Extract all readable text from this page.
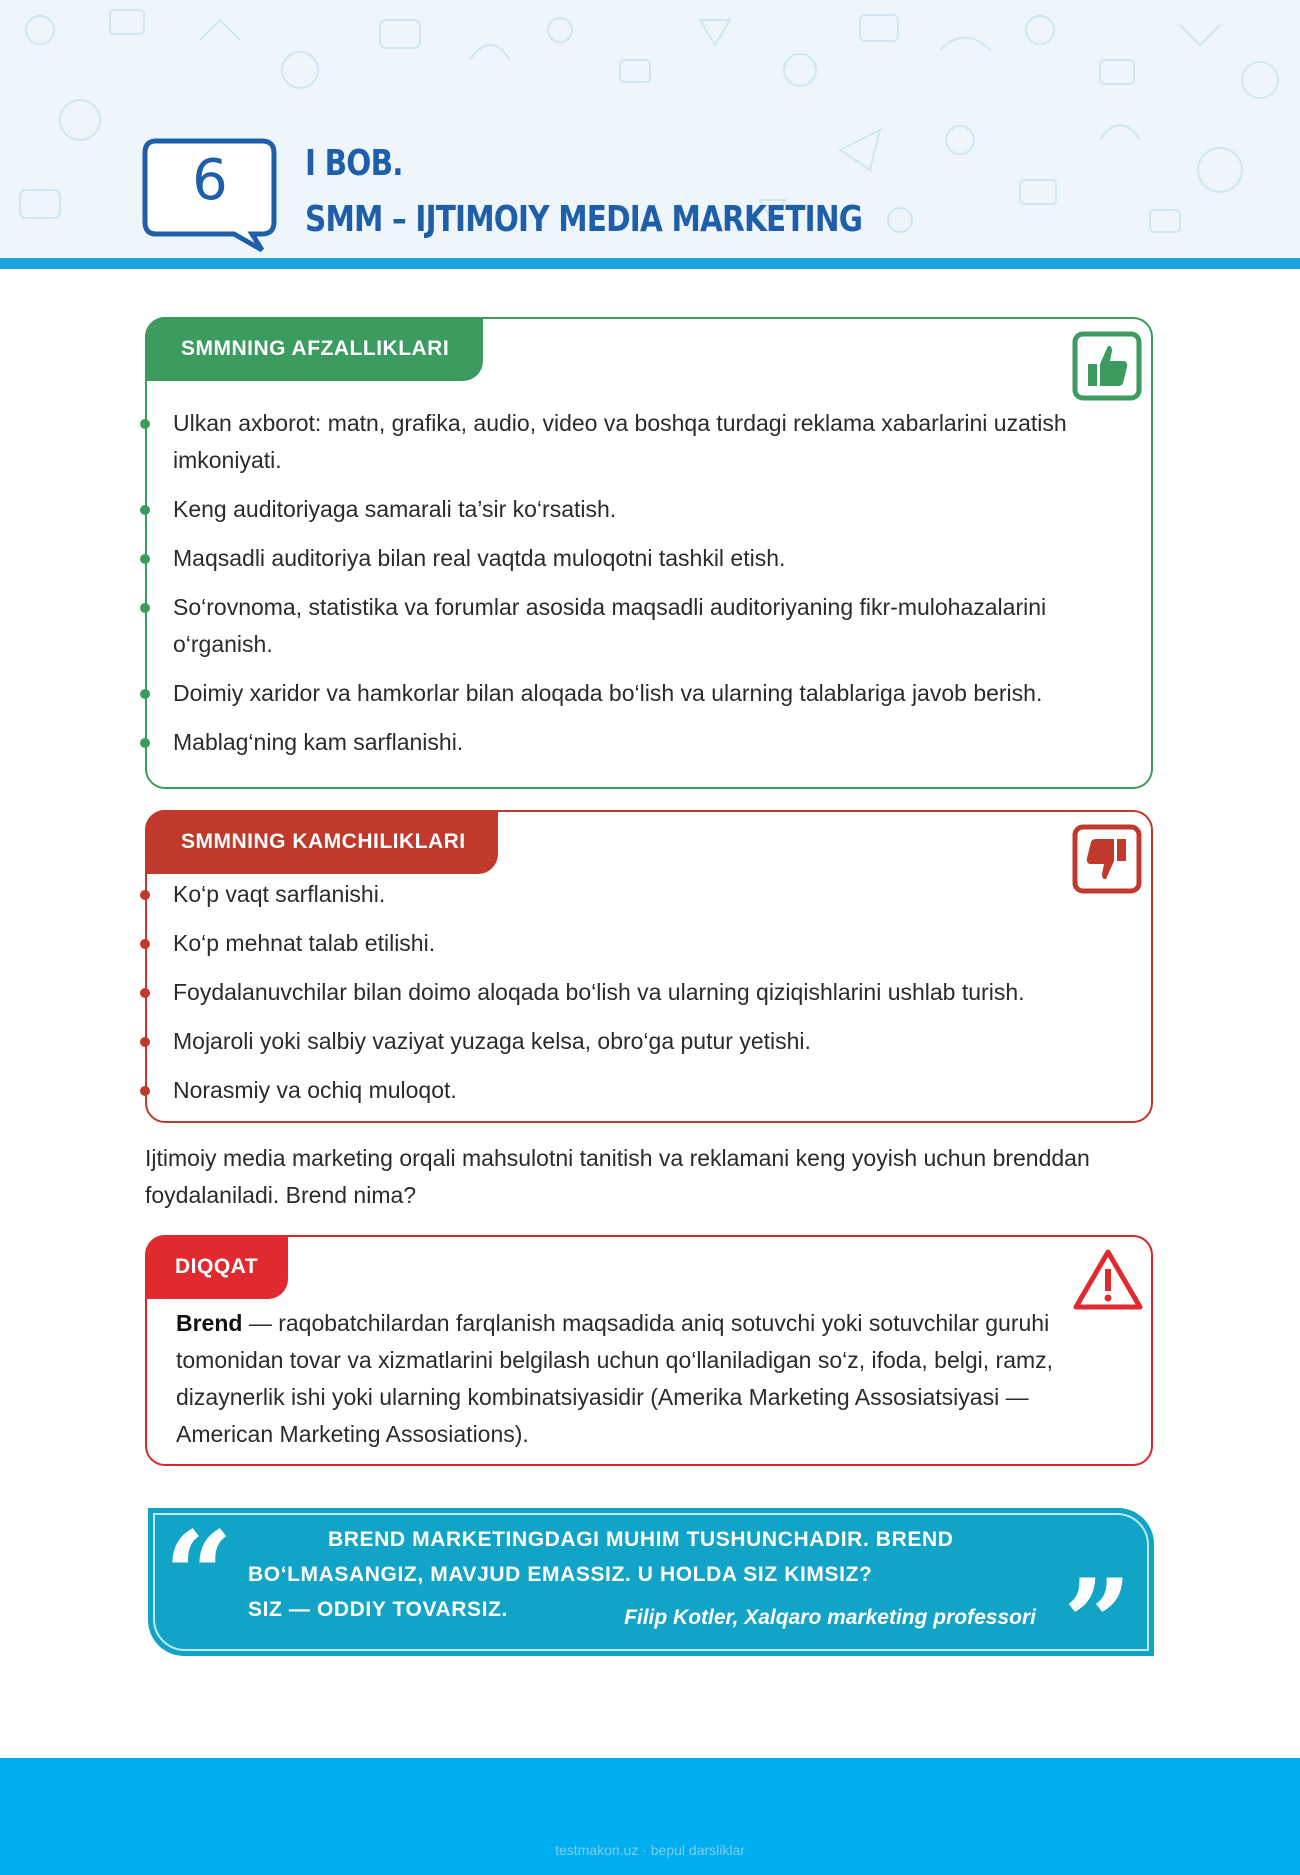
6	I BOB.
SMM – IJTIMOIY MEDIA MARKETING
SMMNING AFZALLIKLARI
Ulkan axborot: matn, grafika, audio, video va boshqa turdagi reklama xabarlarini uzatish imkoniyati.
Keng auditoriyaga samarali ta’sir ko‘rsatish.
Maqsadli auditoriya bilan real vaqtda muloqotni tashkil etish.
So‘rovnoma, statistika va forumlar asosida maqsadli auditoriyaning fikr-mulohazalarini o‘rganish.
Doimiy xaridor va hamkorlar bilan aloqada bo‘lish va ularning talablariga javob berish.
Mablag‘ning kam sarflanishi.
SMMNING KAMCHILIKLARI
Ko‘p vaqt sarflanishi.
Ko‘p mehnat talab etilishi.
Foydalanuvchilar bilan doimo aloqada bo‘lish va ularning qiziqishlarini ushlab turish.
Mojaroli yoki salbiy vaziyat yuzaga kelsa, obro‘ga putur yetishi.
Norasmiy va ochiq muloqot.
Ijtimoiy media marketing orqali mahsulotni tanitish va reklamani keng yoyish uchun brenddan foydalaniladi. Brend nima?
DIQQAT
Brend — raqobatchilardan farqlanish maqsadida aniq sotuvchi yoki sotuvchilar guruhi tomonidan tovar va xizmatlarini belgilash uchun qo‘llaniladigan so‘z, ifoda, belgi, ramz, dizaynerlik ishi yoki ularning kombinatsiyasidir (Amerika Marketing Assosiatsiyasi — American Marketing Assosiations).
“	BREND MARKETINGDAGI MUHIM TUSHUNCHADIR. BREND
BO‘LMASANGIZ, MAVJUD EMASSIZ. U HOLDA SIZ KIMSIZ?
SIZ — ODDIY TOVARSIZ.	Filip Kotler, Xalqaro marketing professori ”
testmakon.uz · bepul darsliklar
